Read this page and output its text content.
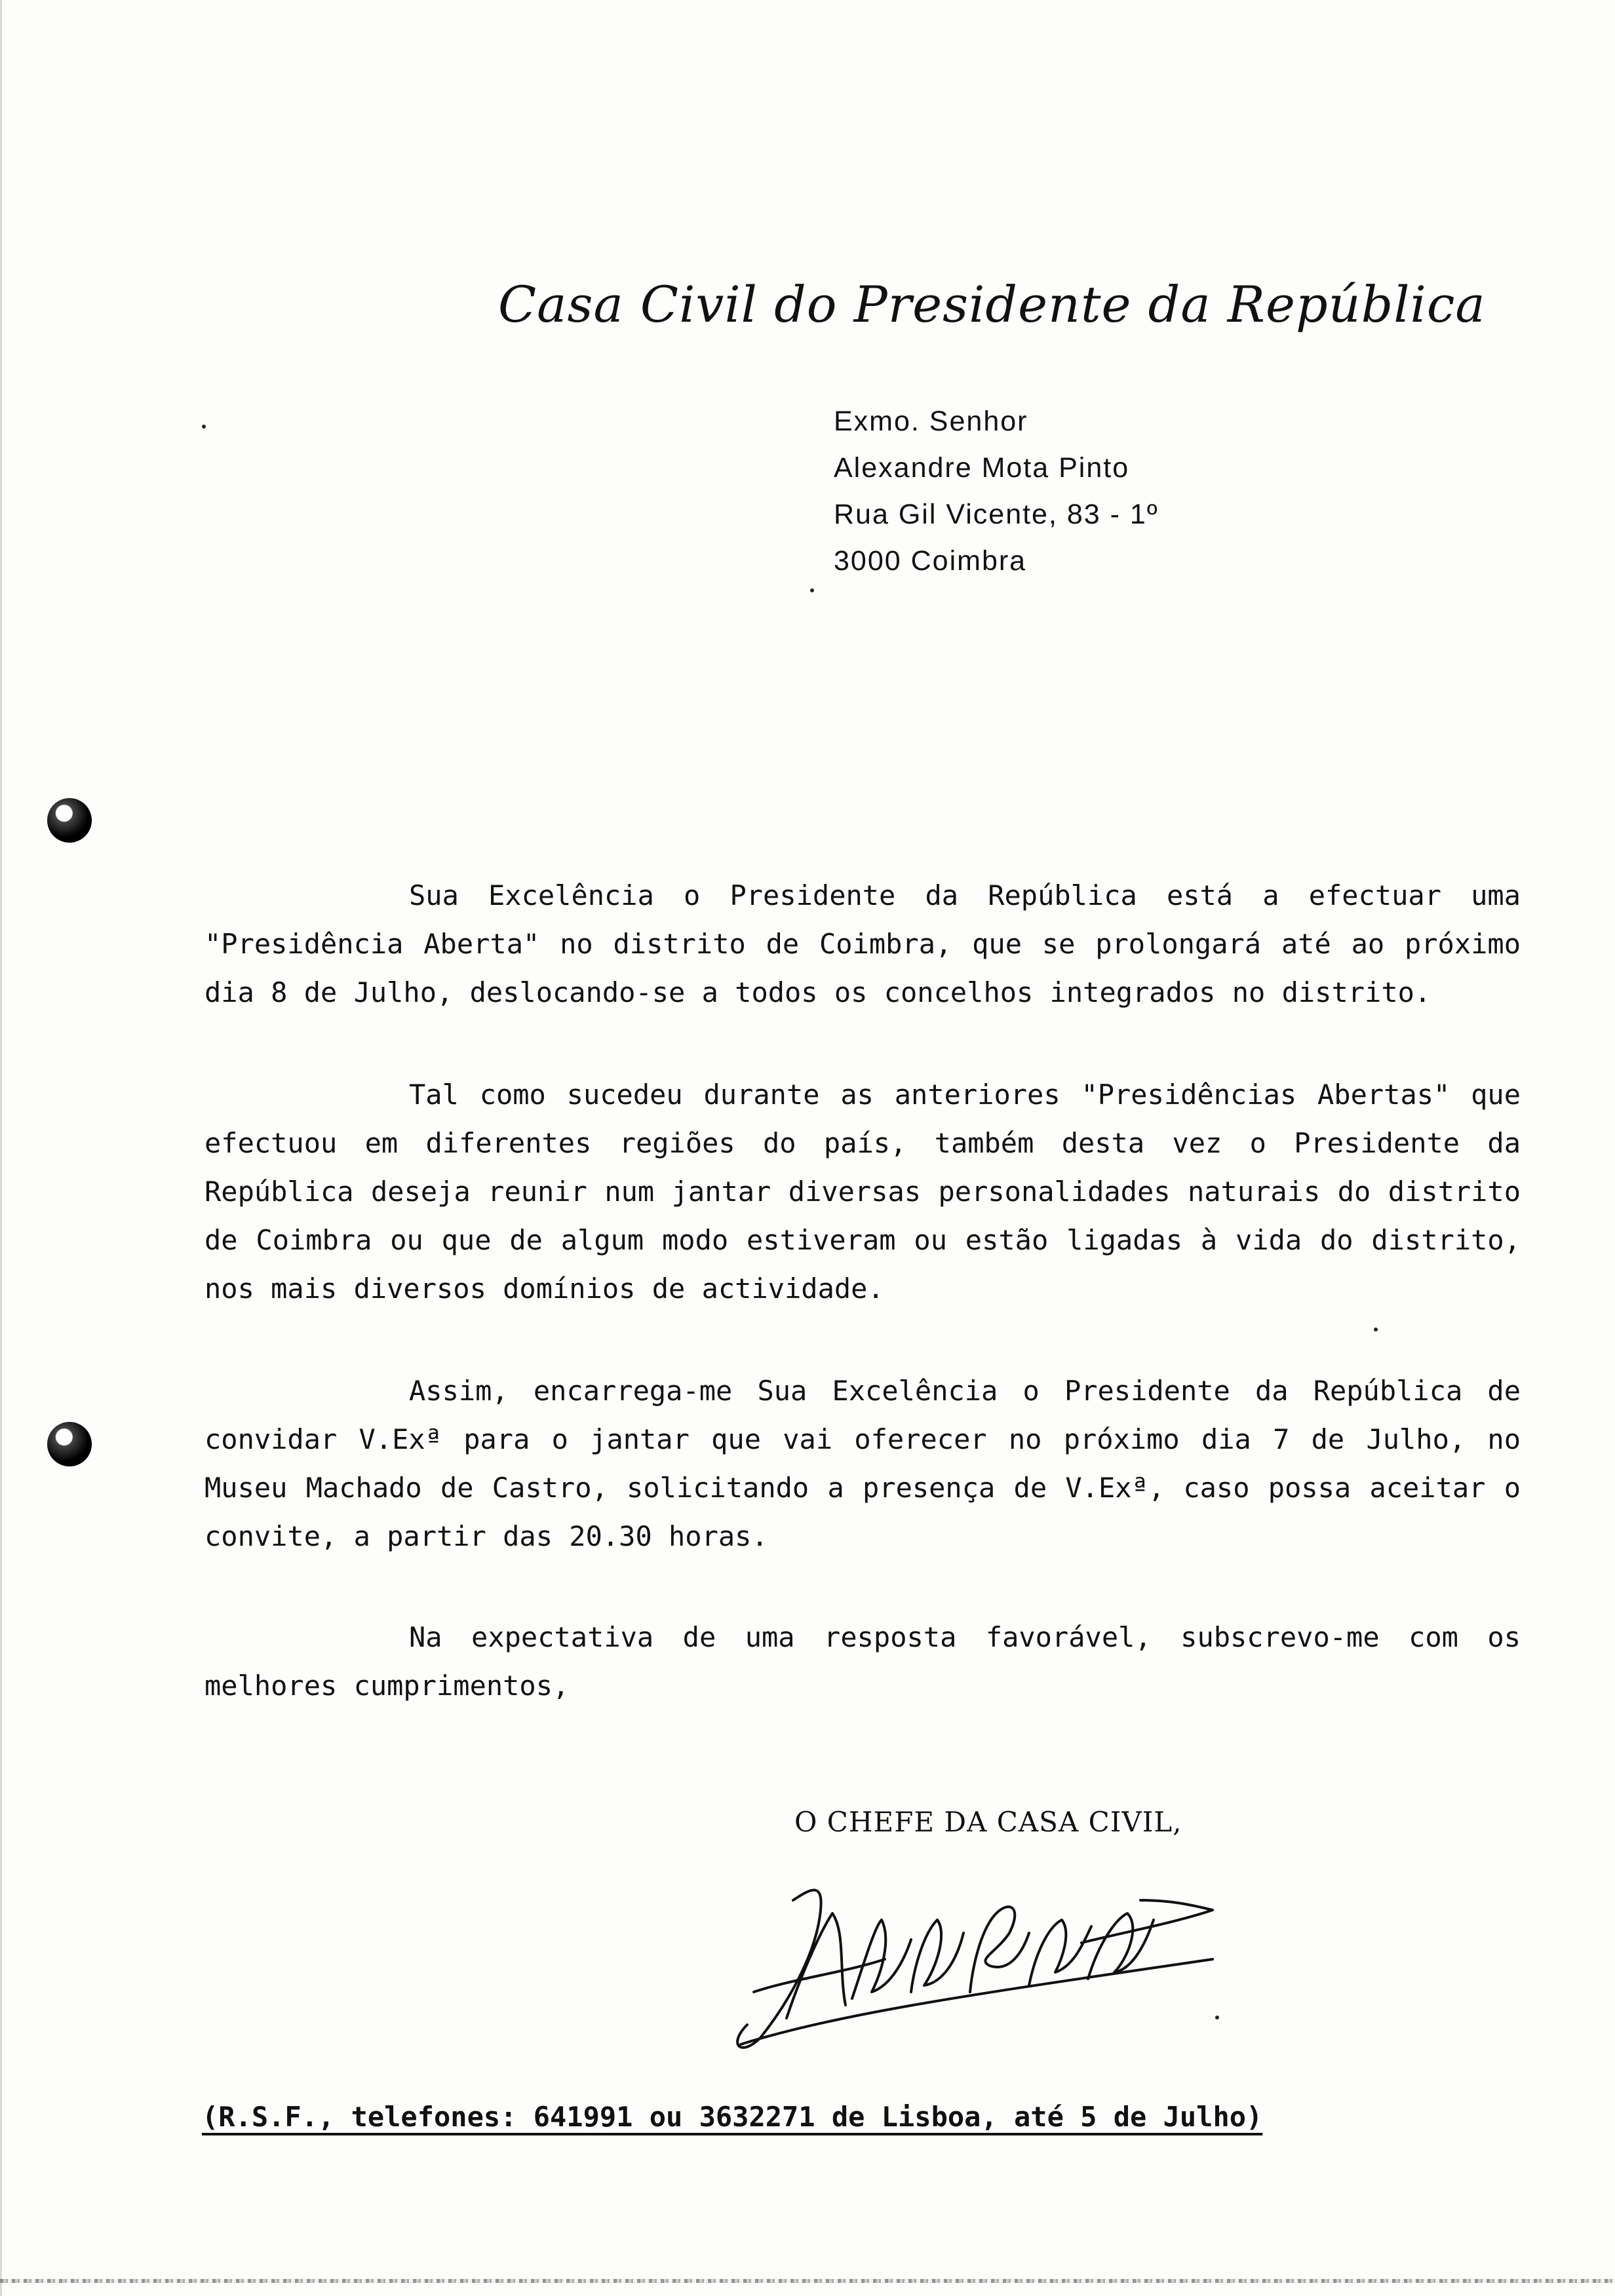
Casa Civil do Presidente da República
Exmo. Senhor
Alexandre Mota Pinto
Rua Gil Vicente, 83 - 1º
3000 Coimbra
Sua Excelência o Presidente da República está a efectuar uma "Presidência Aberta" no distrito de Coimbra, que se prolongará até ao próximo dia 8 de Julho, deslocando-se a todos os concelhos integrados no distrito.
Tal como sucedeu durante as anteriores "Presidências Abertas" que efectuou em diferentes regiões do país, também desta vez o Presidente da República deseja reunir num jantar diversas personalidades naturais do distrito de Coimbra ou que de algum modo estiveram ou estão ligadas à vida do distrito, nos mais diversos domínios de actividade.
Assim, encarrega-me Sua Excelência o Presidente da República de convidar V.Exª para o jantar que vai oferecer no próximo dia 7 de Julho, no Museu Machado de Castro, solicitando a presença de V.Exª, caso possa aceitar o convite, a partir das 20.30 horas.
Na expectativa de uma resposta favorável, subscrevo-me com os melhores cumprimentos,
O CHEFE DA CASA CIVIL,
(R.S.F., telefones: 641991 ou 3632271 de Lisboa, até 5 de Julho)
